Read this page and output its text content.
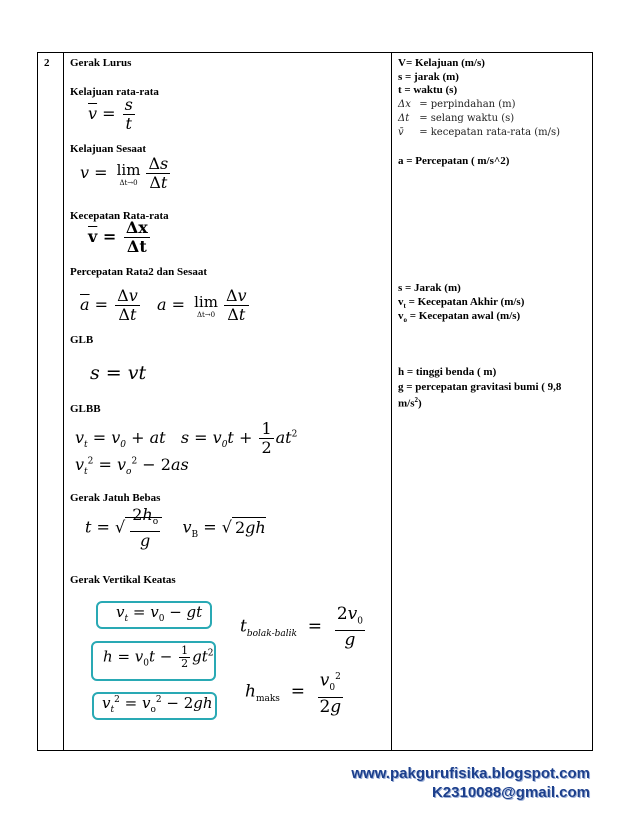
2 Gerak Lurus
Kelajuan rata-rata
$\overline{v} = \frac{s}{t}$
Kelajuan Sesaat
v = lim
$\Delta t\to 0 \frac{\Delta s}{\Delta t}$
Kecepatan Rata-rata
$\overline{v} = \frac{\Delta x}{\Delta t}$
Percepatan Rata2 dan Sesaat
$\overline{a} = \frac{\Delta v}{\Delta t}$ a = lim
$\Delta t\to 0 \frac{\Delta v}{\Delta t}$
GLB
s = vt
GLBB
$v_t = v_0$ + at $s = v_0t + \frac{1}{2} at^2$
$v_t^2 = v_o^2 - 2as$
Gerak Jatuh Bebas
t = √ $\frac{2h_o}{g} v_B$ = √ 2gh
Gerak Vertikal Keatas
$v_t = v_0$ − gt
$h = v_0t - \frac{1}{2} gt^2$
$v_t^2 = v_o^2 - 2gh$
$t_{bolak-balik} = \frac{2v_0}{g}$
$h_{maks} = \frac{v_0^2}{2g}$
V= Kelajuan (m/s)
s = jarak (m)
t = waktu (s)
Δx = perpindahan (m)
Δt = selang waktu (s)
v̄ = kecepatan rata-rata (m/s)
a = Percepatan ( m/s^2)
s = Jarak (m)
$v_t$ = Kecepatan Akhir (m/s)
$v_o$ = Kecepatan awal (m/s)
h = tinggi benda ( m)
g = percepatan gravitasi bumi ( 9,8
$m/s^2$)
www.pakgurufisika.blogspot.com
K2310088@gmail.com
